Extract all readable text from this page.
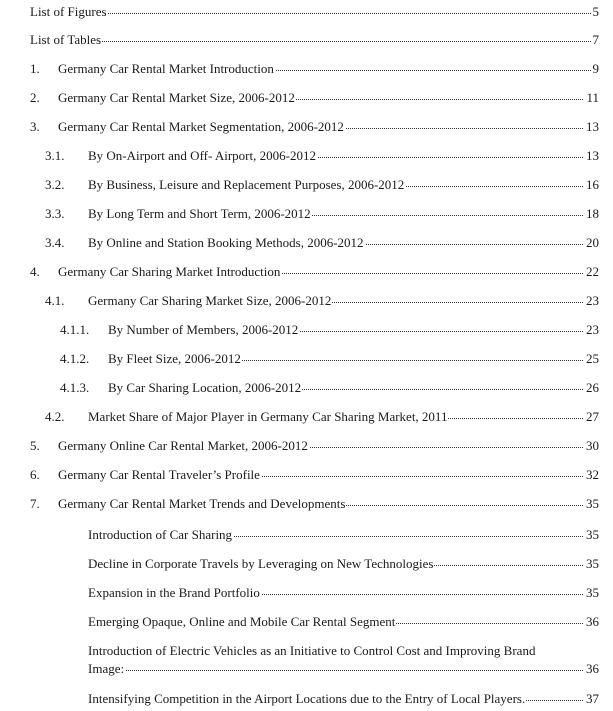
List of Figures	5
List of Tables	7
1. Germany Car Rental Market Introduction	9
2. Germany Car Rental Market Size, 2006-2012	11
3. Germany Car Rental Market Segmentation, 2006-2012	13
3.1. By On-Airport and Off- Airport, 2006-2012	13
3.2. By Business, Leisure and Replacement Purposes, 2006-2012	16
3.3. By Long Term and Short Term, 2006-2012	18
3.4. By Online and Station Booking Methods, 2006-2012	20
4. Germany Car Sharing Market Introduction	22
4.1. Germany Car Sharing Market Size, 2006-2012	23
4.1.1. By Number of Members, 2006-2012	23
4.1.2. By Fleet Size, 2006-2012	25
4.1.3. By Car Sharing Location, 2006-2012	26
4.2. Market Share of Major Player in Germany Car Sharing Market, 2011	27
5. Germany Online Car Rental Market, 2006-2012	30
6. Germany Car Rental Traveler’s Profile	32
7. Germany Car Rental Market Trends and Developments	35
Introduction of Car Sharing	35
Decline in Corporate Travels by Leveraging on New Technologies	35
Expansion in the Brand Portfolio	35
Emerging Opaque, Online and Mobile Car Rental Segment	36
Introduction of Electric Vehicles as an Initiative to Control Cost and Improving Brand
Image:	36
Intensifying Competition in the Airport Locations due to the Entry of Local Players.	37
